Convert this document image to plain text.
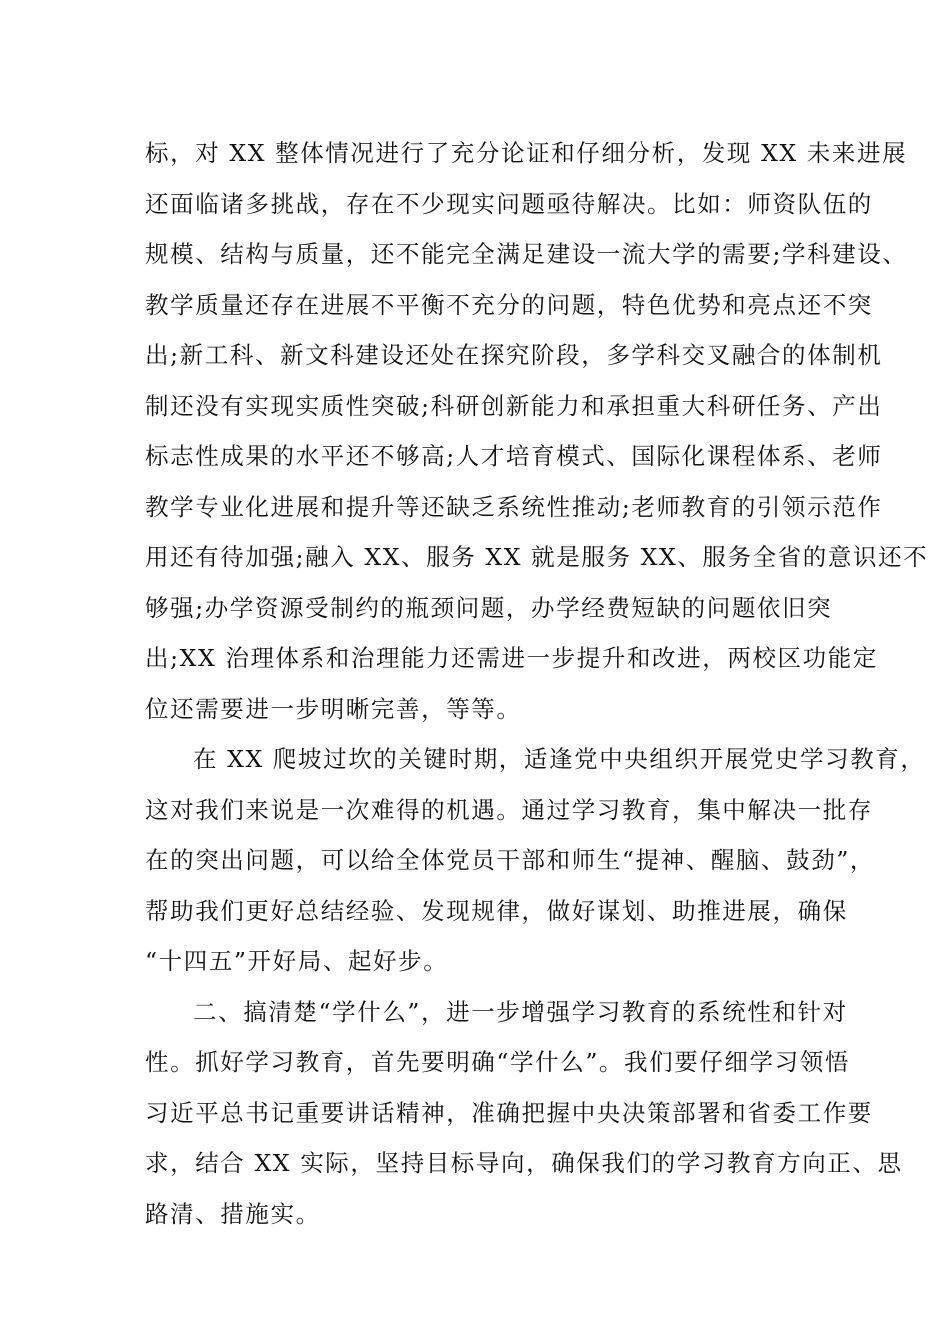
标，对 XX 整体情况进行了充分论证和仔细分析，发现 XX 未来进展
还面临诸多挑战，存在不少现实问题亟待解决。比如：师资队伍的
规模、结构与质量，还不能完全满足建设一流大学的需要;学科建设、
教学质量还存在进展不平衡不充分的问题，特色优势和亮点还不突
出;新工科、新文科建设还处在探究阶段，多学科交叉融合的体制机
制还没有实现实质性突破;科研创新能力和承担重大科研任务、产出
标志性成果的水平还不够高;人才培育模式、国际化课程体系、老师
教学专业化进展和提升等还缺乏系统性推动;老师教育的引领示范作
用还有待加强;融入 XX、服务 XX 就是服务 XX、服务全省的意识还不
够强;办学资源受制约的瓶颈问题，办学经费短缺的问题依旧突
出;XX 治理体系和治理能力还需进一步提升和改进，两校区功能定
位还需要进一步明晰完善，等等。
在 XX 爬坡过坎的关键时期，适逢党中央组织开展党史学习教育，
这对我们来说是一次难得的机遇。通过学习教育，集中解决一批存
在的突出问题，可以给全体党员干部和师生“提神、醒脑、鼓劲”，
帮助我们更好总结经验、发现规律，做好谋划、助推进展，确保
“十四五”开好局、起好步。
二、搞清楚“学什么”，进一步增强学习教育的系统性和针对
性。抓好学习教育，首先要明确“学什么”。我们要仔细学习领悟
习近平总书记重要讲话精神，准确把握中央决策部署和省委工作要
求，结合 XX 实际，坚持目标导向，确保我们的学习教育方向正、思
路清、措施实。
